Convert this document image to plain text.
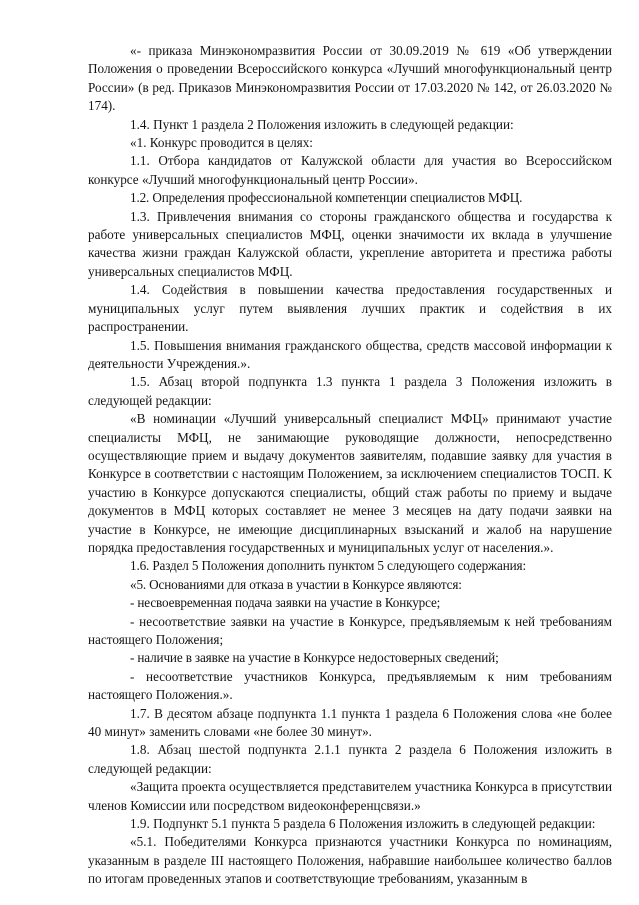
«- приказа Минэкономразвития России от 30.09.2019 № 619 «Об утверждении Положения о проведении Всероссийского конкурса «Лучший многофункциональный центр России» (в ред. Приказов Минэкономразвития России от 17.03.2020 № 142, от 26.03.2020 № 174).

1.4. Пункт 1 раздела 2 Положения изложить в следующей редакции:

«1. Конкурс проводится в целях:

1.1. Отбора кандидатов от Калужской области для участия во Всероссийском конкурсе «Лучший многофункциональный центр России».

1.2. Определения профессиональной компетенции специалистов МФЦ.

1.3. Привлечения внимания со стороны гражданского общества и государства к работе универсальных специалистов МФЦ, оценки значимости их вклада в улучшение качества жизни граждан Калужской области, укрепление авторитета и престижа работы универсальных специалистов МФЦ.

1.4. Содействия в повышении качества предоставления государственных и муниципальных услуг путем выявления лучших практик и содействия в их распространении.

1.5. Повышения внимания гражданского общества, средств массовой информации к деятельности Учреждения.».

1.5. Абзац второй подпункта 1.3 пункта 1 раздела 3 Положения изложить в следующей редакции:

«В номинации «Лучший универсальный специалист МФЦ» принимают участие специалисты МФЦ, не занимающие руководящие должности, непосредственно осуществляющие прием и выдачу документов заявителям, подавшие заявку для участия в Конкурсе в соответствии с настоящим Положением, за исключением специалистов ТОСП. К участию в Конкурсе допускаются специалисты, общий стаж работы по приему и выдаче документов в МФЦ которых составляет не менее 3 месяцев на дату подачи заявки на участие в Конкурсе, не имеющие дисциплинарных взысканий и жалоб на нарушение порядка предоставления государственных и муниципальных услуг от населения.».

1.6. Раздел 5 Положения дополнить пунктом 5 следующего содержания:

«5. Основаниями для отказа в участии в Конкурсе являются:

- несвоевременная подача заявки на участие в Конкурсе;

- несоответствие заявки на участие в Конкурсе, предъявляемым к ней требованиям настоящего Положения;

- наличие в заявке на участие в Конкурсе недостоверных сведений;

- несоответствие участников Конкурса, предъявляемым к ним требованиям настоящего Положения.».

1.7. В десятом абзаце подпункта 1.1 пункта 1 раздела 6 Положения слова «не более 40 минут» заменить словами «не более 30 минут».

1.8. Абзац шестой подпункта 2.1.1 пункта 2 раздела 6 Положения изложить в следующей редакции:

«Защита проекта осуществляется представителем участника Конкурса в присутствии членов Комиссии или посредством видеоконференцсвязи.»

1.9. Подпункт 5.1 пункта 5 раздела 6 Положения изложить в следующей редакции:

«5.1. Победителями Конкурса признаются участники Конкурса по номинациям, указанным в разделе III настоящего Положения, набравшие наибольшее количество баллов по итогам проведенных этапов и соответствующие требованиям, указанным в
